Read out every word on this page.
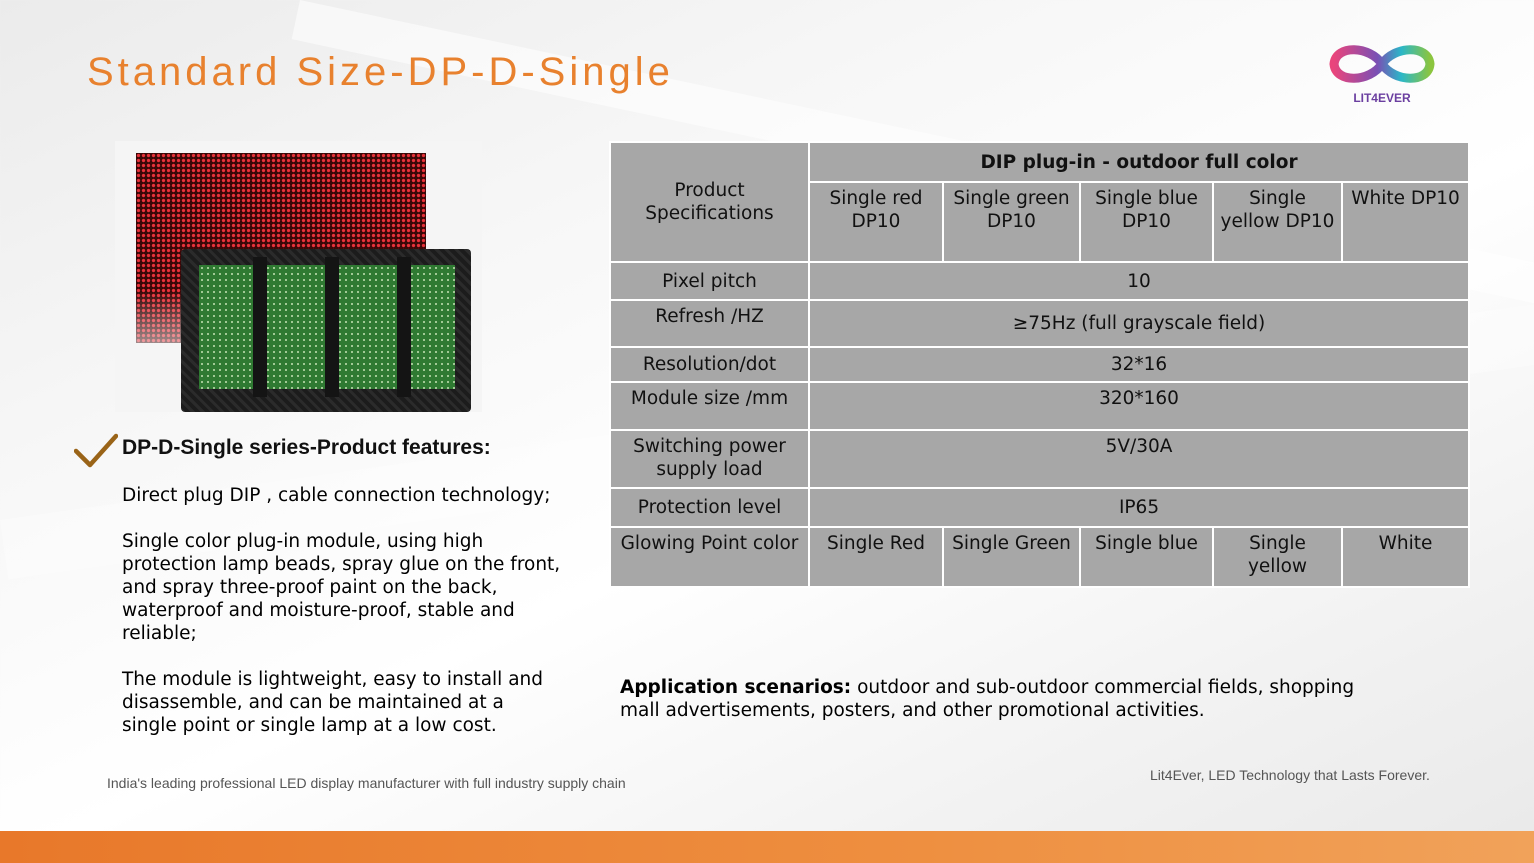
Standard Size-DP-D-Single
LIT4EVER
DP-D-Single series-Product features:

Direct plug DIP , cable connection technology;

Single color plug-in module, using high protection lamp beads, spray glue on the front, and spray three-proof paint on the back, waterproof and moisture-proof, stable and reliable;

The module is lightweight, easy to install and disassemble, and can be maintained at a single point or single lamp at a low cost.

Product Specifications	DIP plug-in - outdoor full color				
	Single red DP10	Single green DP10	Single blue DP10	Single yellow DP10	White DP10
Pixel pitch	10				
Refresh /HZ	≥75Hz (full grayscale field)				
Resolution/dot	32*16				
Module size /mm	320*160				
Switching power supply load	5V/30A				
Protection level	IP65				
Glowing Point color	Single Red	Single Green	Single blue	Single yellow	White

Application scenarios: outdoor and sub-outdoor commercial fields, shopping mall advertisements, posters, and other promotional activities.

India's leading professional LED display manufacturer with full industry supply chain	Lit4Ever, LED Technology that Lasts Forever.
